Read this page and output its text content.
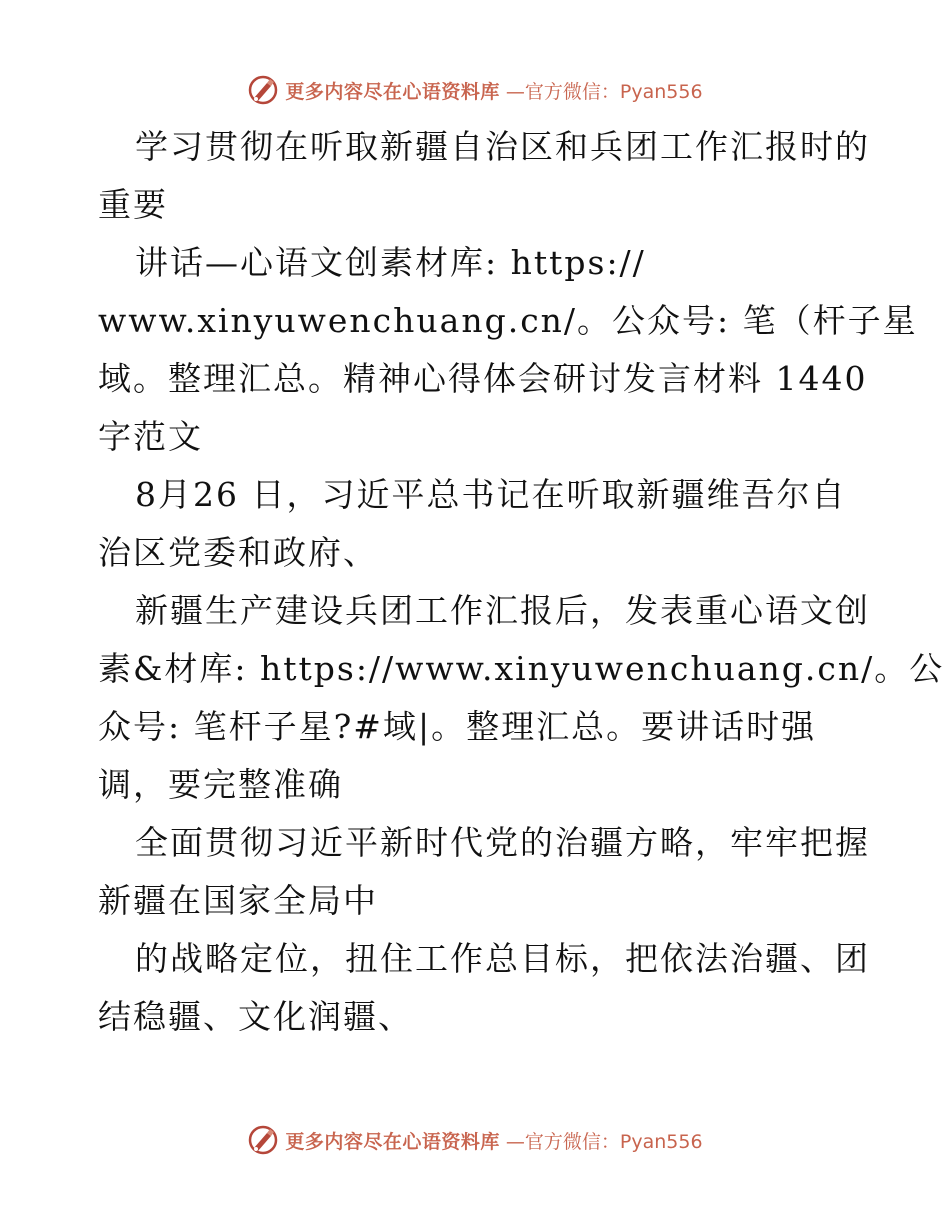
更多内容尽在心语资料库 —官方微信：Pyan556
学习贯彻在听取新疆自治区和兵团工作汇报时的
重要
讲话—心语文创素材库: https://
www.xinyuwenchuang.cn/。公众号: 笔（杆子星
域。整理汇总。精神心得体会研讨发言材料 1440
字范文
8月26 日，习近平总书记在听取新疆维吾尔自
治区党委和政府、
新疆生产建设兵团工作汇报后，发表重心语文创
素&材库: https://www.xinyuwenchuang.cn/。公
众号: 笔杆子星?#域|。整理汇总。要讲话时强
调，要完整准确
全面贯彻习近平新时代党的治疆方略，牢牢把握
新疆在国家全局中
的战略定位，扭住工作总目标，把依法治疆、团
结稳疆、文化润疆、
更多内容尽在心语资料库 —官方微信：Pyan556
